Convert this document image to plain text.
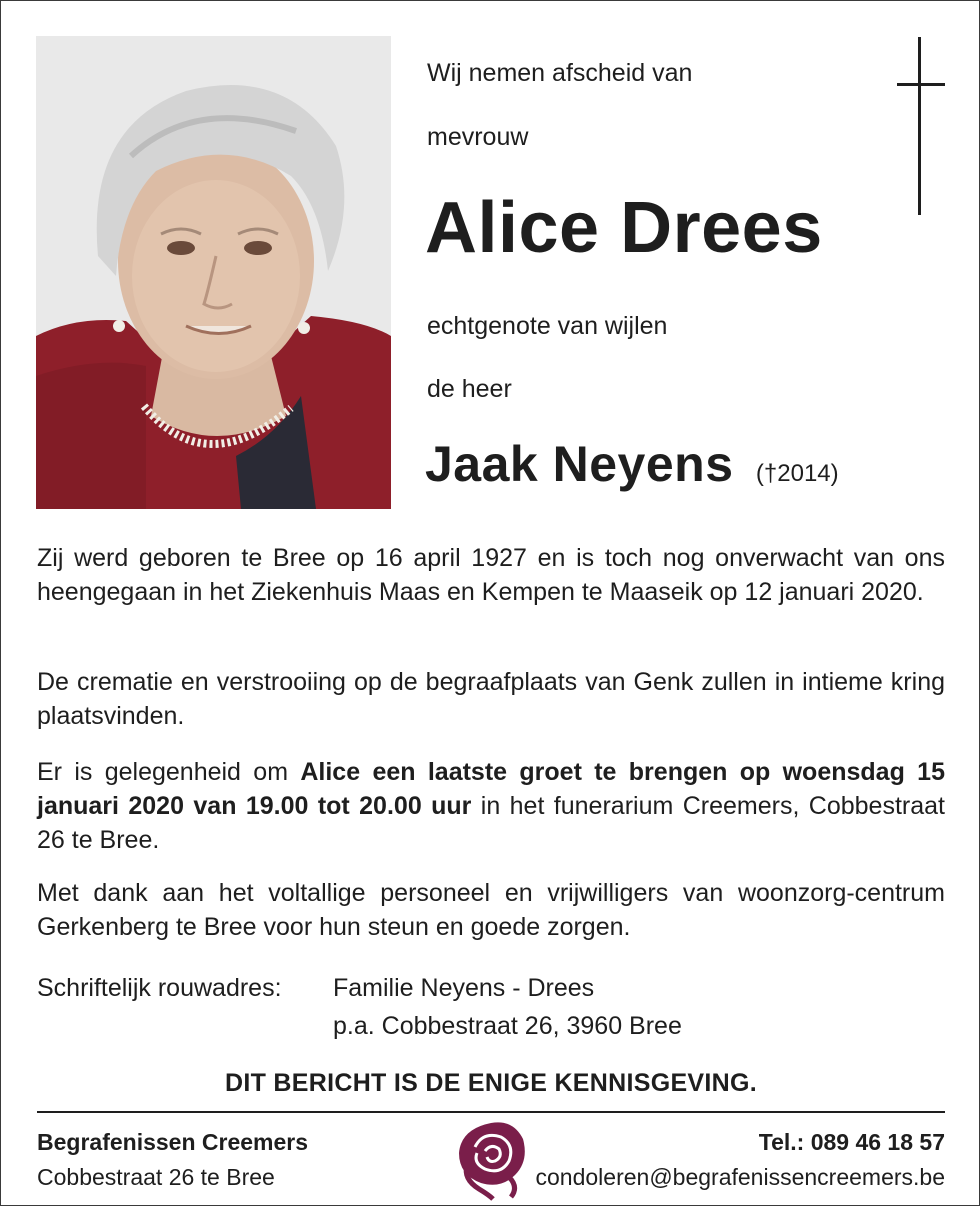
Wij nemen afscheid van
mevrouw
Alice Drees
echtgenote van wijlen
de heer
Jaak Neyens (†2014)
Zij werd geboren te Bree op 16 april 1927 en is toch nog onverwacht van ons heengegaan in het Ziekenhuis Maas en Kempen te Maaseik op 12 januari 2020.
De crematie en verstrooiing op de begraafplaats van Genk zullen in intieme kring plaatsvinden.
Er is gelegenheid om Alice een laatste groet te brengen op woensdag 15 januari 2020 van 19.00 tot 20.00 uur in het funerarium Creemers, Cobbestraat 26 te Bree.
Met dank aan het voltallige personeel en vrijwilligers van woonzorg-centrum Gerkenberg te Bree voor hun steun en goede zorgen.
Schriftelijk rouwadres: Familie Neyens - Drees
p.a. Cobbestraat 26, 3960 Bree
DIT BERICHT IS DE ENIGE KENNISGEVING.
Begrafenissen Creemers
Cobbestraat 26 te Bree
Tel.: 089 46 18 57
condoleren@begrafenissencreemers.be
